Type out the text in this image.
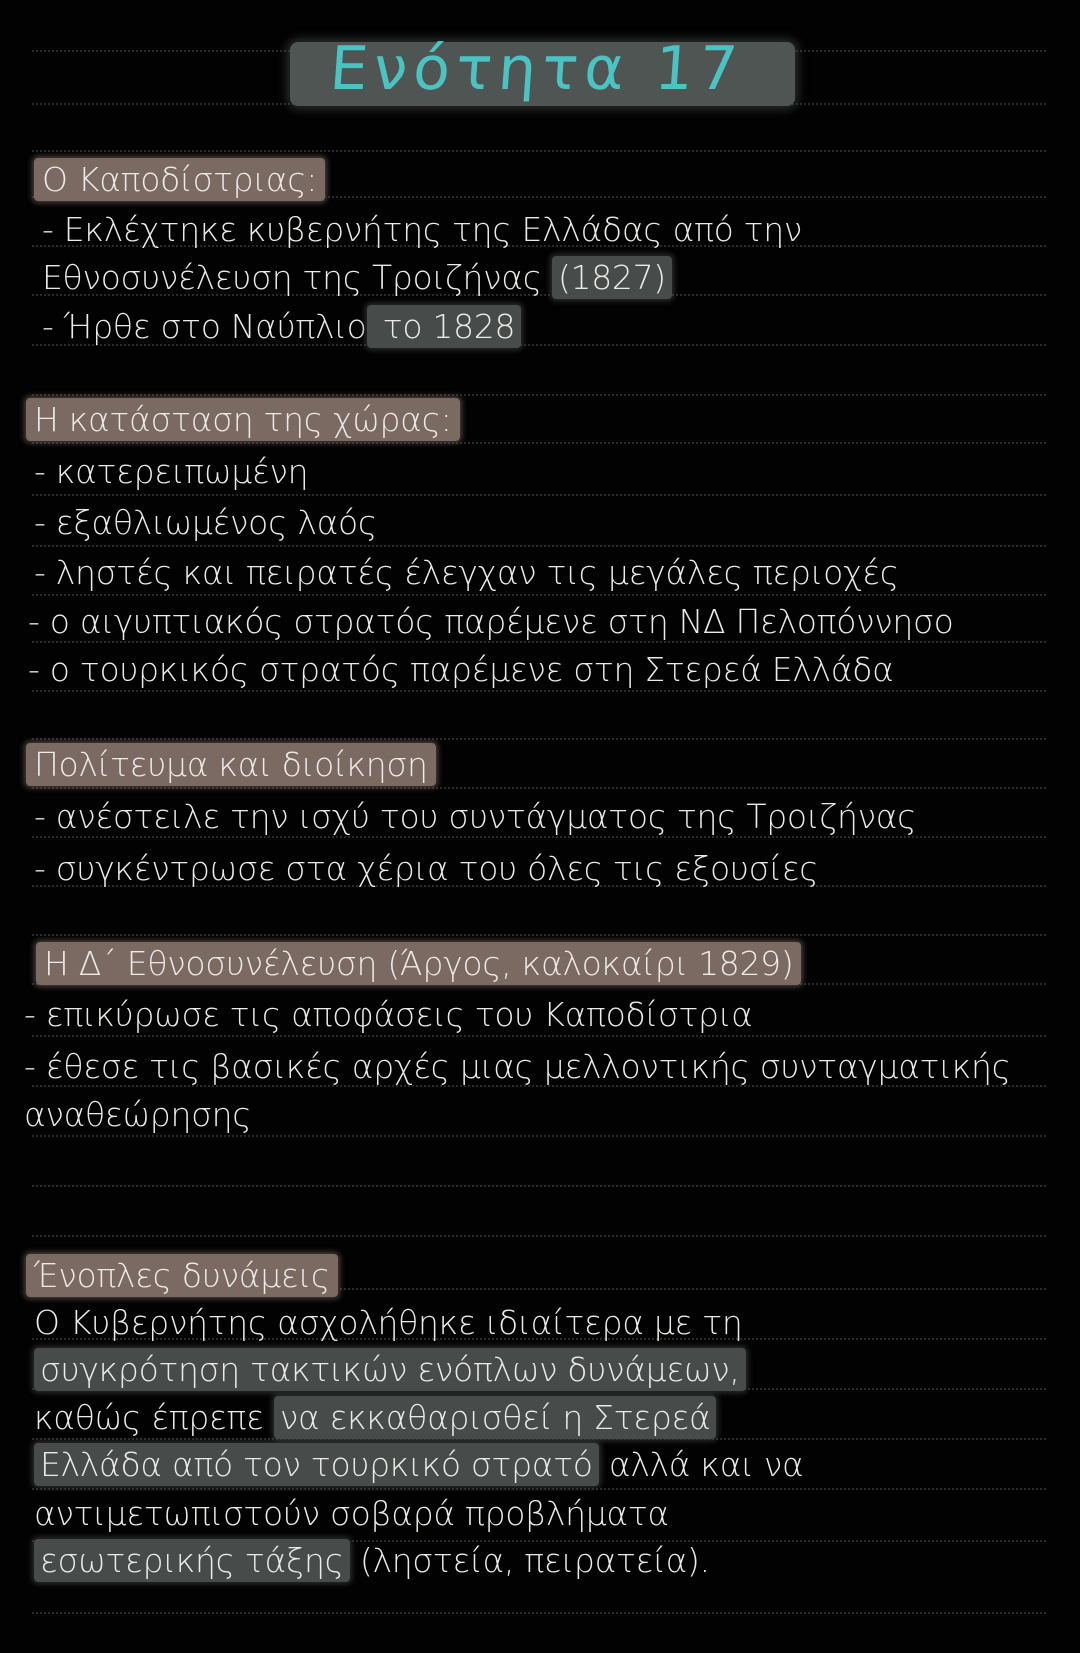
Ενότητα 17
Ο Καποδίστριας:
- Εκλέχτηκε κυβερνήτης της Ελλάδας από την
Εθνοσυνέλευση της Τροιζήνας (1827)
- Ήρθε στο Ναύπλιο το 1828
Η κατάσταση της χώρας:
- κατερειπωμένη
- εξαθλιωμένος λαός
- ληστές και πειρατές έλεγχαν τις μεγάλες περιοχές
- ο αιγυπτιακός στρατός παρέμενε στη ΝΔ Πελοπόννησο
- ο τουρκικός στρατός παρέμενε στη Στερεά Ελλάδα
Πολίτευμα και διοίκηση
- ανέστειλε την ισχύ του συντάγματος της Τροιζήνας
- συγκέντρωσε στα χέρια του όλες τις εξουσίες
Η Δ΄ Εθνοσυνέλευση (Άργος, καλοκαίρι 1829)
- επικύρωσε τις αποφάσεις του Καποδίστρια
- έθεσε τις βασικές αρχές μιας μελλοντικής συνταγματικής
αναθεώρησης
Ένοπλες δυνάμεις
Ο Κυβερνήτης ασχολήθηκε ιδιαίτερα με τη
συγκρότηση τακτικών ενόπλων δυνάμεων,
καθώς έπρεπε να εκκαθαρισθεί η Στερεά
Ελλάδα από τον τουρκικό στρατό αλλά και να
αντιμετωπιστούν σοβαρά προβλήματα
εσωτερικής τάξης (ληστεία, πειρατεία).
